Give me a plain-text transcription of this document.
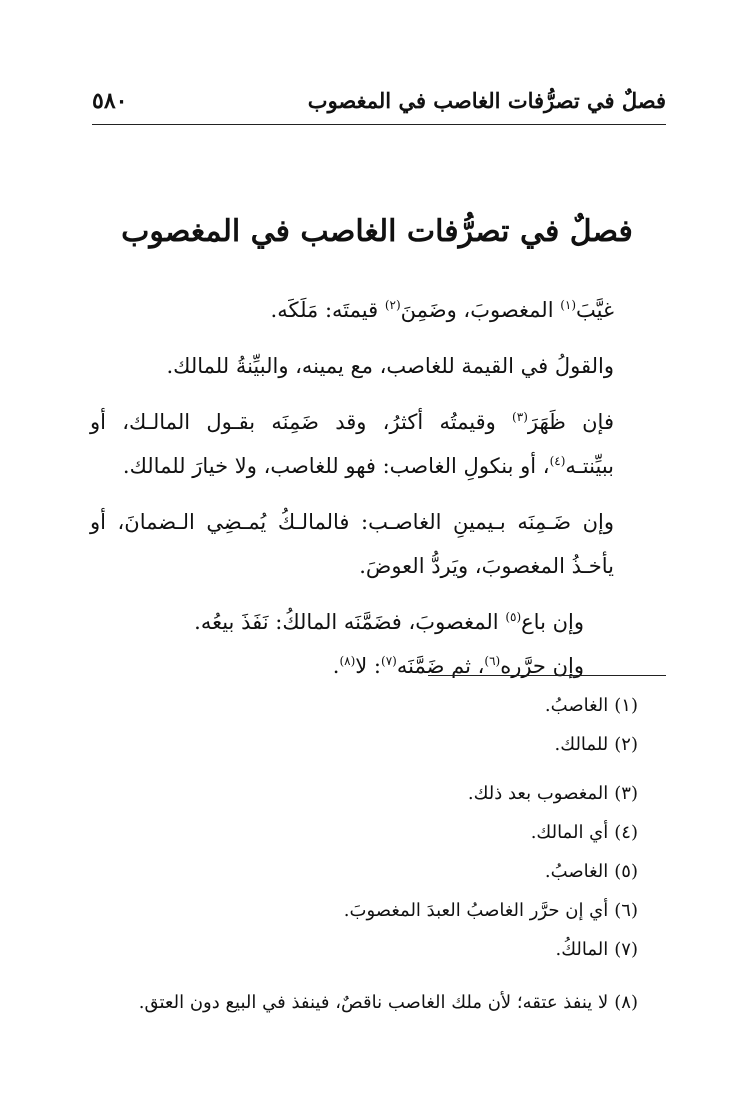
فصلٌ في تصرُّفات الغاصب في المغصوب
٥٨٠
فصلٌ في تصرُّفات الغاصب في المغصوب

غيَّبَ$^{(١)}$ المغصوبَ، وضَمِنَ$^{(٢)}$ قيمتَه: مَلَكَه.

والقولُ في القيمة للغاصب، مع يمينه، والبيِّنةُ للمالك.

فإن ظَهَرَ$^{(٣)}$ وقيمتُه أكثرُ، وقد ضَمِنَه بقـول المالـك، أو ببيِّنتـه$^{(٤)}$، أو بنكولِ الغاصب: فهو للغاصب، ولا خيارَ للمالك.

وإن ضَـمِنَه بـيمينِ الغاصـب: فالمالـكُ يُمـضِي الـضمانَ، أو يأخـذُ المغصوبَ، ويَردُّ العوضَ.

وإن باع$^{(٥)}$ المغصوبَ، فضَمَّنَه المالكُ: نَفَذَ بيعُه.

وإن حرَّره$^{(٦)}$، ثم ضَمَّنَه$^{(٧)}$: لا$^{(٨)}$.

(١)الغاصبُ.
(٢)للمالك.
(٣)المغصوب بعد ذلك.
(٤)أي المالك.
(٥)الغاصبُ.
(٦)أي إن حرَّر الغاصبُ العبدَ المغصوبَ.
(٧)المالكُ.
(٨)لا ينفذ عتقه؛ لأن ملك الغاصب ناقصٌ، فينفذ في البيع دون العتق.
